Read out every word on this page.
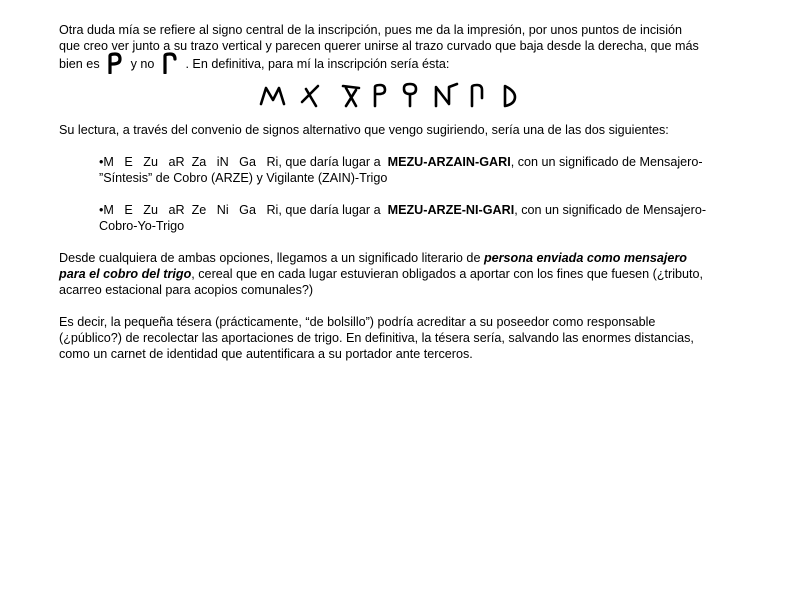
Otra duda mía se refiere al signo central de la inscripción, pues me da la impresión, por unos puntos de incisión
que creo ver junto a su trazo vertical y parecen querer unirse al trazo curvado que baja desde la derecha, que más
bien es y no . En definitiva, para mí la inscripción sería ésta:
Su lectura, a través del convenio de signos alternativo que vengo sugiriendo, sería una de las dos siguientes:
•M   E   Zu   aR  Za   iN   Ga   Ri, que daría lugar a  MEZU-ARZAIN-GARI, con un significado de Mensajero-
”Síntesis” de Cobro (ARZE) y Vigilante (ZAIN)-Trigo
•M   E   Zu   aR  Ze   Ni   Ga   Ri, que daría lugar a  MEZU-ARZE-NI-GARI, con un significado de Mensajero-
Cobro-Yo-Trigo
Desde cualquiera de ambas opciones, llegamos a un significado literario de persona enviada como mensajero
para el cobro del trigo, cereal que en cada lugar estuvieran obligados a aportar con los fines que fuesen (¿tributo,
acarreo estacional para acopios comunales?)
Es decir, la pequeña tésera (prácticamente, “de bolsillo”) podría acreditar a su poseedor como responsable
(¿público?) de recolectar las aportaciones de trigo. En definitiva, la tésera sería, salvando las enormes distancias,
como un carnet de identidad que autentificara a su portador ante terceros.
